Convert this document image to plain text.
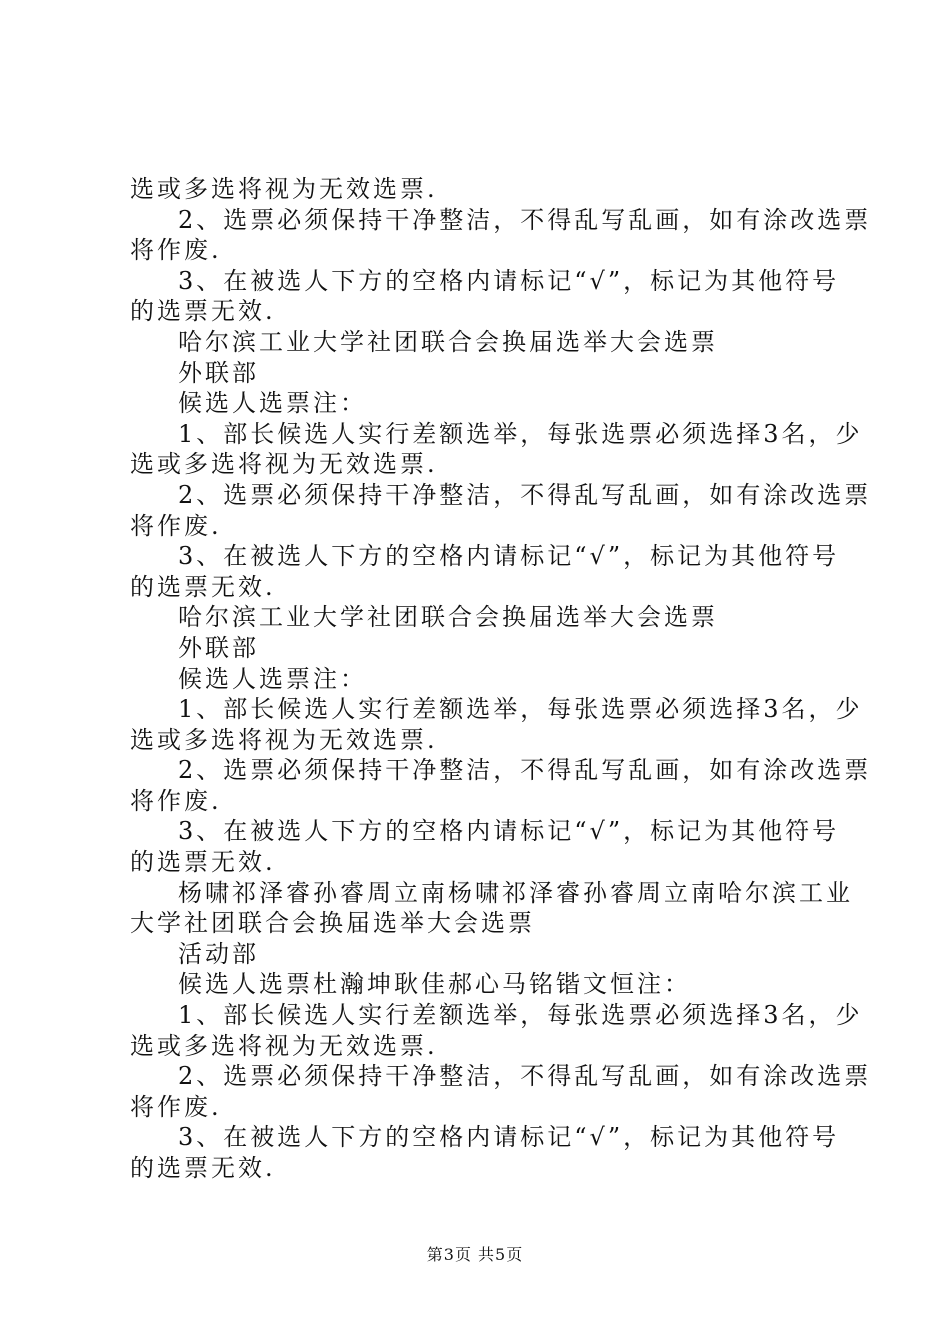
选或多选将视为无效选票.
2、选票必须保持干净整洁，不得乱写乱画，如有涂改选票
将作废.
3、在被选人下方的空格内请标记“√”，标记为其他符号
的选票无效.
哈尔滨工业大学社团联合会换届选举大会选票
外联部
候选人选票注：
1、部长候选人实行差额选举，每张选票必须选择3名，少
选或多选将视为无效选票.
2、选票必须保持干净整洁，不得乱写乱画，如有涂改选票
将作废.
3、在被选人下方的空格内请标记“√”，标记为其他符号
的选票无效.
哈尔滨工业大学社团联合会换届选举大会选票
外联部
候选人选票注：
1、部长候选人实行差额选举，每张选票必须选择3名，少
选或多选将视为无效选票.
2、选票必须保持干净整洁，不得乱写乱画，如有涂改选票
将作废.
3、在被选人下方的空格内请标记“√”，标记为其他符号
的选票无效.
杨啸祁泽睿孙睿周立南杨啸祁泽睿孙睿周立南哈尔滨工业
大学社团联合会换届选举大会选票
活动部
候选人选票杜瀚坤耿佳郝心马铭锴文恒注：
1、部长候选人实行差额选举，每张选票必须选择3名，少
选或多选将视为无效选票.
2、选票必须保持干净整洁，不得乱写乱画，如有涂改选票
将作废.
3、在被选人下方的空格内请标记“√”，标记为其他符号
的选票无效.
第3页 共5页
